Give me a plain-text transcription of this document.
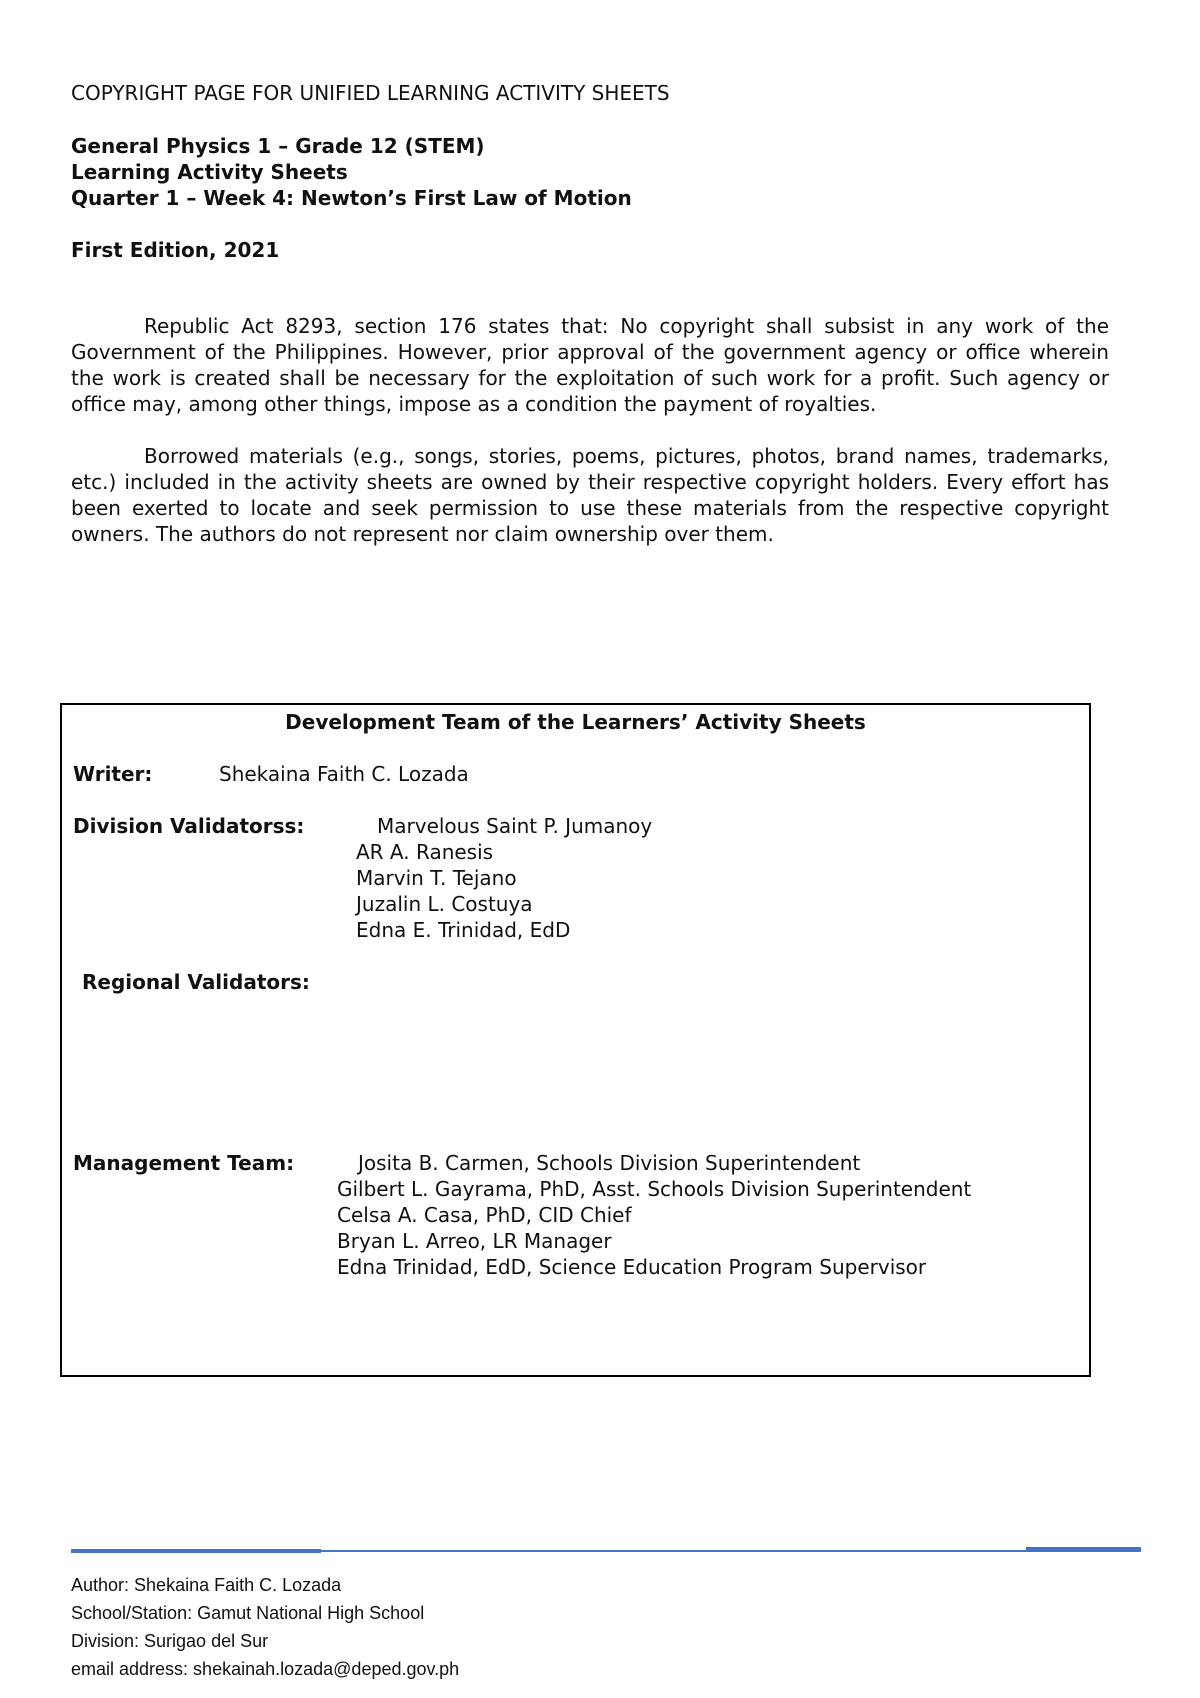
COPYRIGHT PAGE FOR UNIFIED LEARNING ACTIVITY SHEETS
General Physics 1 – Grade 12 (STEM)
Learning Activity Sheets
Quarter 1 – Week 4: Newton’s First Law of Motion
First Edition, 2021

Republic Act 8293, section 176 states that: No copyright shall subsist in any work of the Government of the Philippines. However, prior approval of the government agency or office wherein the work is created shall be necessary for the exploitation of such work for a profit. Such agency or office may, among other things, impose as a condition the payment of royalties.

Borrowed materials (e.g., songs, stories, poems, pictures, photos, brand names, trademarks, etc.) included in the activity sheets are owned by their respective copyright holders. Every effort has been exerted to locate and seek permission to use these materials from the respective copyright owners. The authors do not represent nor claim ownership over them.

Development Team of the Learners’ Activity Sheets
Writer:	Shekaina Faith C. Lozada
Division Validatorss:	Marvelous Saint P. Jumanoy
AR A. Ranesis
Marvin T. Tejano
Juzalin L. Costuya
Edna E. Trinidad, EdD
Regional Validators:
Management Team:	Josita B. Carmen, Schools Division Superintendent
Gilbert L. Gayrama, PhD, Asst. Schools Division Superintendent
Celsa A. Casa, PhD, CID Chief
Bryan L. Arreo, LR Manager
Edna Trinidad, EdD, Science Education Program Supervisor
Author: Shekaina Faith C. Lozada
School/Station: Gamut National High School
Division: Surigao del Sur
email address: shekainah.lozada@deped.gov.ph
